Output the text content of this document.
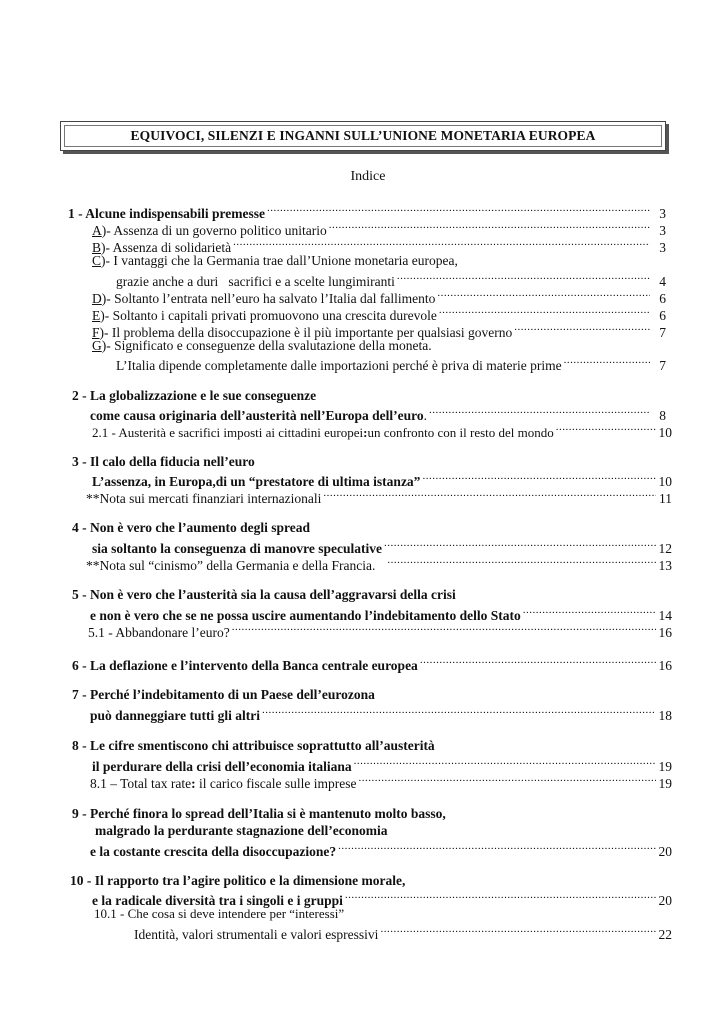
EQUIVOCI, SILENZI E INGANNI SULL’UNIONE MONETARIA EUROPEA
Indice
1 - Alcune indispensabili premesse .....	3
A)- Assenza di un governo politico unitario .....	3
B)- Assenza di solidarietà .....	3
C)- I vantaggi che la Germania trae dall’Unione monetaria europea,
grazie anche a duri   sacrifici e a scelte lungimiranti .....	4
D)- Soltanto l’entrata nell’euro ha salvato l’Italia dal fallimento .....	6
E)- Soltanto i capitali privati promuovono una crescita durevole .....	6
F)- Il problema della disoccupazione è il più importante per qualsiasi governo .....	7
G)- Significato e conseguenze della svalutazione della moneta.
L’Italia dipende completamente dalle importazioni perché è priva di materie prime .....	7
2 - La globalizzazione e le sue conseguenze
come causa originaria dell’austerità nell’Europa dell’euro. .....	8
2.1 - Austerità e sacrifici imposti ai cittadini europei:un confronto con il resto del mondo .....	10
3 - Il calo della fiducia nell’euro
L’assenza, in Europa,di un “prestatore di ultima istanza” .....	10
**Nota sui mercati finanziari internazionali .....	11
4 - Non è vero che l’aumento degli spread
sia soltanto la conseguenza di manovre speculative .....	12
**Nota sul “cinismo” della Germania e della Francia. .....	13
5 - Non è vero che l’austerità sia la causa dell’aggravarsi della crisi
e non è vero che se ne possa uscire aumentando l’indebitamento dello Stato .....	14
5.1 - Abbandonare l’euro? .....	16
6 - La deflazione e l’intervento della Banca centrale europea .....	16
7 - Perché l’indebitamento di un Paese dell’eurozona
può danneggiare tutti gli altri .....	18
8 - Le cifre smentiscono chi attribuisce soprattutto all’austerità
il perdurare della crisi dell’economia italiana .....	19
8.1 – Total tax rate: il carico fiscale sulle imprese .....	19
9 - Perché finora lo spread dell’Italia si è mantenuto molto basso,
malgrado la perdurante stagnazione dell’economia
e la costante crescita della disoccupazione? .....	20
10 - Il rapporto tra l’agire politico e la dimensione morale,
e la radicale diversità tra i singoli e i gruppi .....	20
10.1 - Che cosa si deve intendere per “interessi”
Identità, valori strumentali e valori espressivi .....	22
